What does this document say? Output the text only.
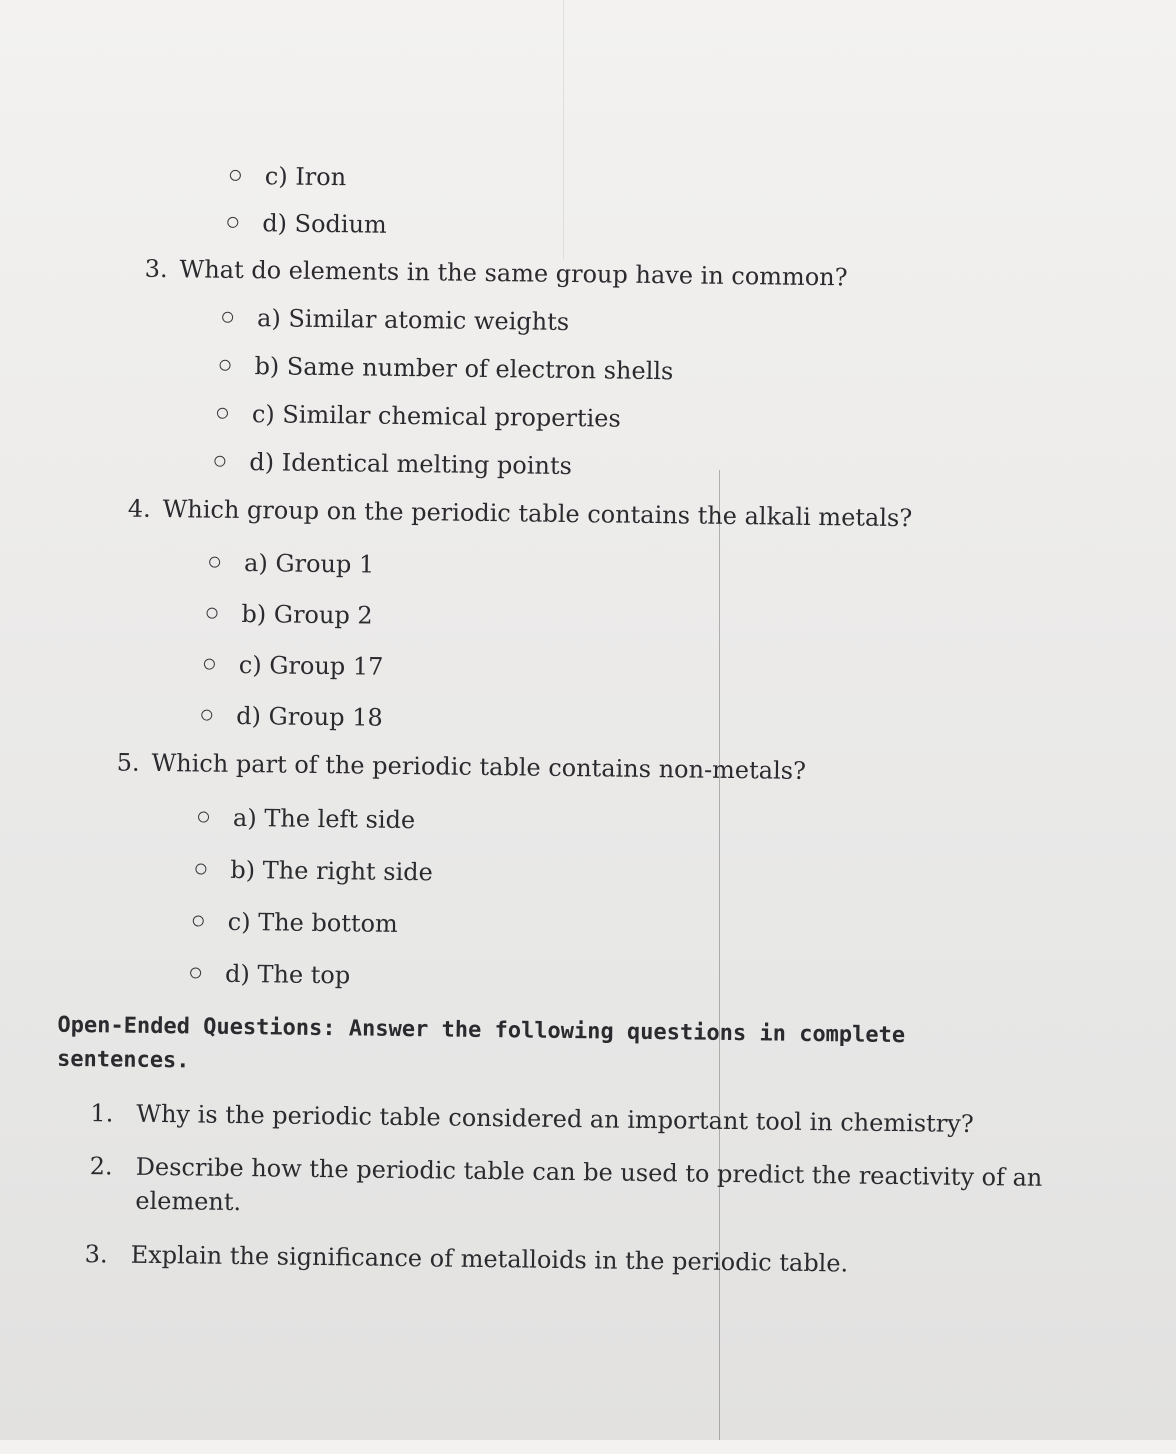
c) Iron
d) Sodium
3. What do elements in the same group have in common?
a) Similar atomic weights
b) Same number of electron shells
c) Similar chemical properties
d) Identical melting points
4. Which group on the periodic table contains the alkali metals?
a) Group 1
b) Group 2
c) Group 17
d) Group 18
5. Which part of the periodic table contains non-metals?
a) The left side
b) The right side
c) The bottom
d) The top
Open-Ended Questions: Answer the following questions in complete sentences.
1. Why is the periodic table considered an important tool in chemistry?
2. Describe how the periodic table can be used to predict the reactivity of an
element.
3. Explain the significance of metalloids in the periodic table.
